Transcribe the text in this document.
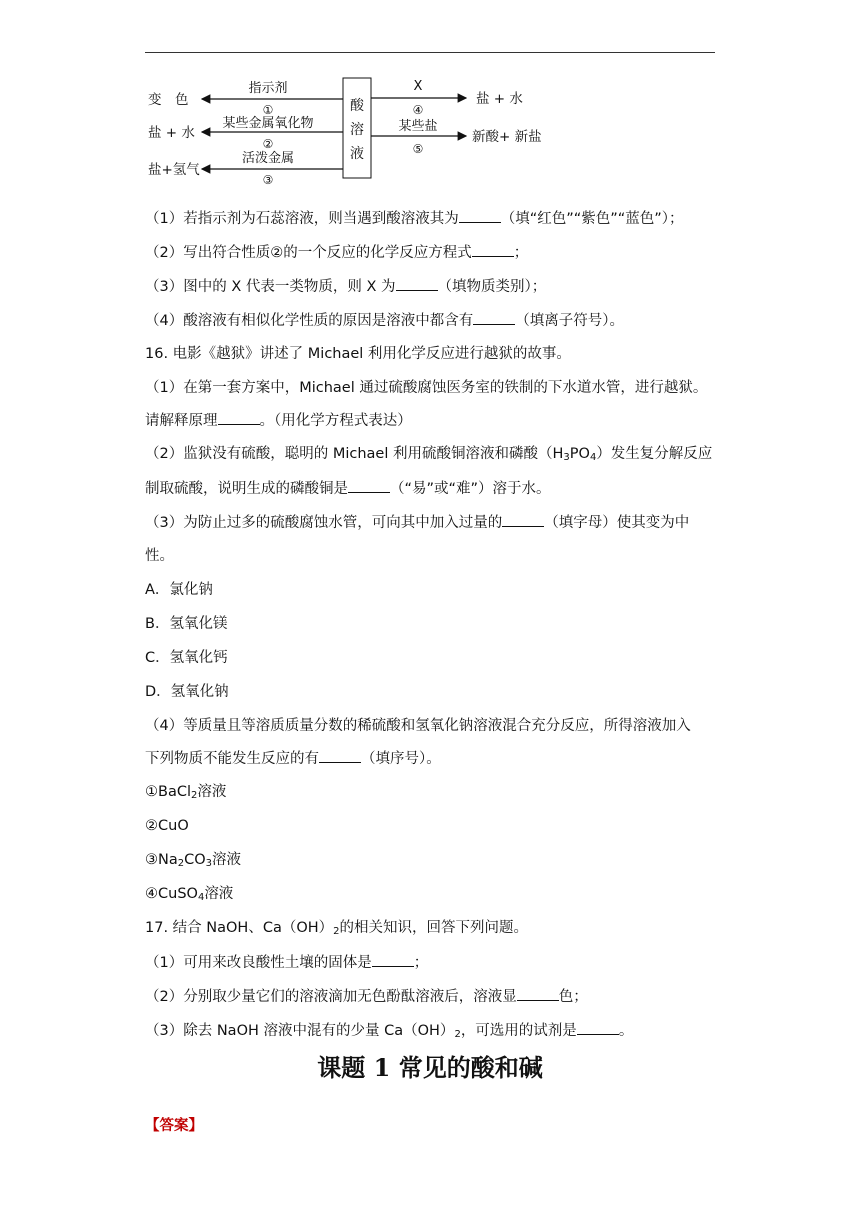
酸
溶
液
变　色
盐 + 水
盐+氢气
指示剂
①
某些金属氧化物
②
活泼金属
③
X
④
某些盐
⑤
盐 + 水
新酸+ 新盐
（1）若指示剂为石蕊溶液，则当遇到酸溶液其为	（填“红色”“紫色”“蓝色”）；
（2）写出符合性质②的一个反应的化学反应方程式	；
（3）图中的 X 代表一类物质，则 X 为	（填物质类别）；
（4）酸溶液有相似化学性质的原因是溶液中都含有	（填离子符号）。
16. 电影《越狱》讲述了 Michael 利用化学反应进行越狱的故事。
（1）在第一套方案中，Michael 通过硫酸腐蚀医务室的铁制的下水道水管，进行越狱。
请解释原理	。（用化学方程式表达）
（2）监狱没有硫酸，聪明的 Michael 利用硫酸铜溶液和磷酸$(H_3PO_4)$发生复分解反应
制取硫酸，说明生成的磷酸铜是	（“易”或“难”）溶于水。
（3）为防止过多的硫酸腐蚀水管，可向其中加入过量的	（填字母）使其变为中
性。
A．氯化钠
B．氢氧化镁
C．氢氧化钙
D．氢氧化钠
（4）等质量且等溶质质量分数的稀硫酸和氢氧化钠溶液混合充分反应，所得溶液加入
下列物质不能发生反应的有	（填序号）。
①BaCl$_2$溶液
②CuO
$③Na_2CO_3$溶液
④CuSO$_4$溶液
17. 结合 NaOH、$Ca(OH)_2$的相关知识，回答下列问题。
（1）可用来改良酸性土壤的固体是	；
（2）分别取少量它们的溶液滴加无色酚酞溶液后，溶液显	色；
（3）除去 NaOH 溶液中混有的少量 $Ca(OH)_2$，可选用的试剂是	。
课题 1 常见的酸和碱
【答案】
